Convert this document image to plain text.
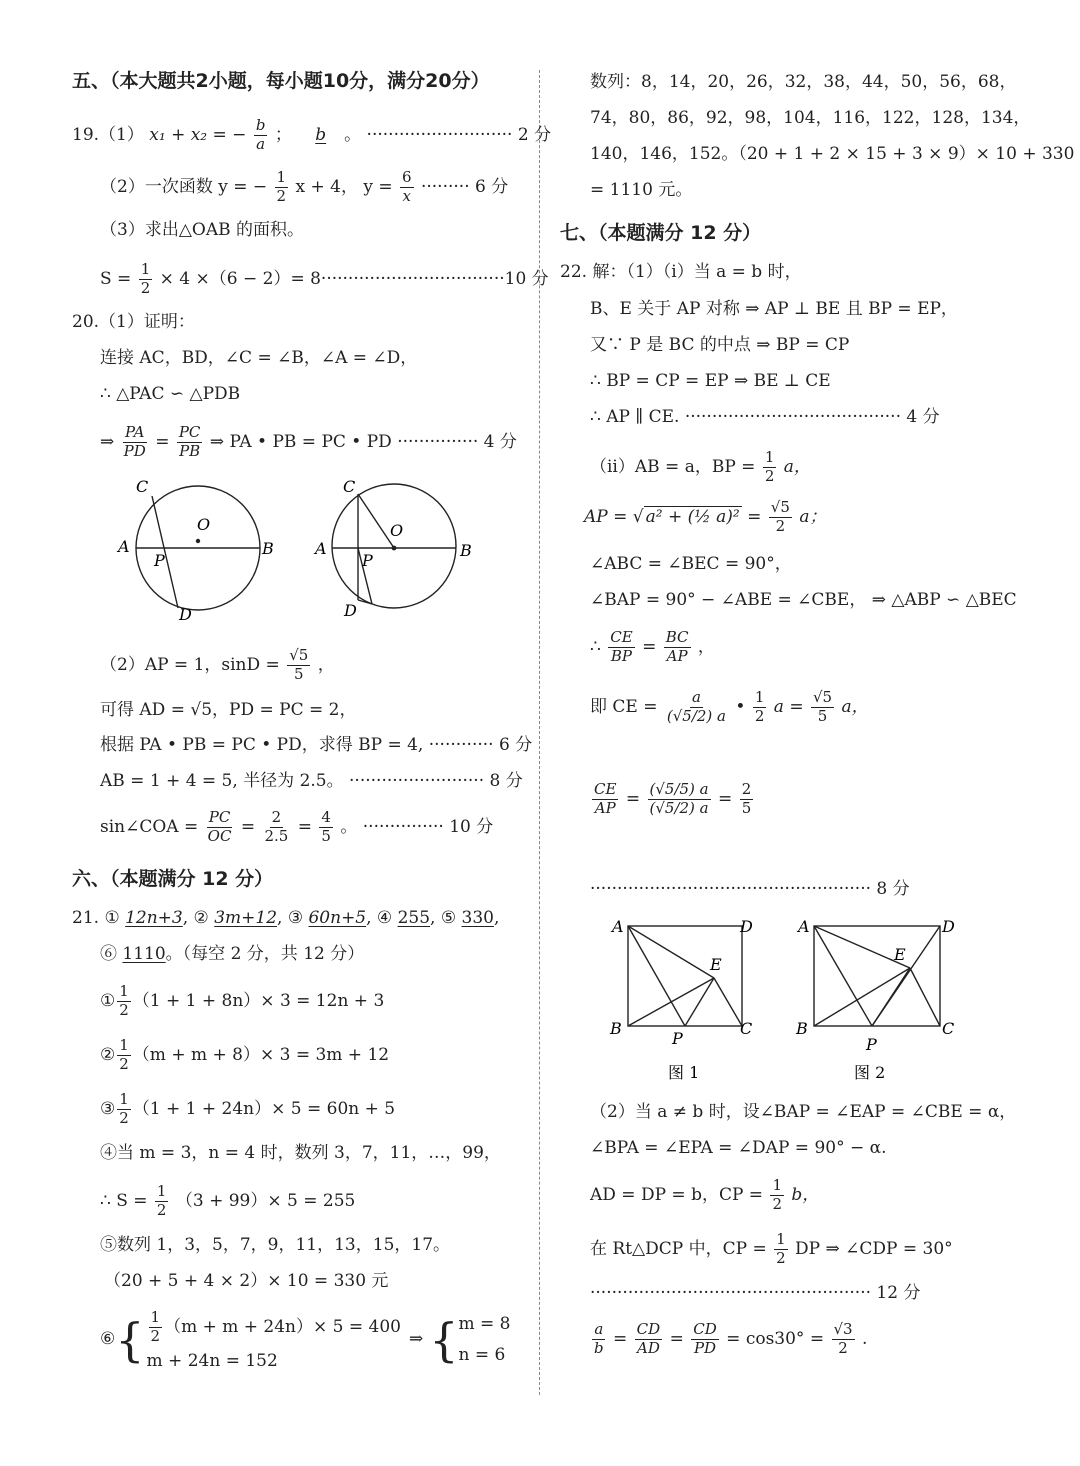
五、（本大题共2小题，每小题10分，满分20分）
19.（1） x₁ + x₂ = − $\frac{b}{a}$ ； b 。 ··························· 2 分
（2）一次函数 y = − $\frac{1}{2}$ x + 4， $y = \frac{6}{x}$ ········· 6 分
（3）求出△OAB 的面积。
$S = \frac{1}{2} \times 4 \times(6 - 2)= 8\cdot\cdot\cdot\cdot\cdot\cdot\cdot\cdot\cdot\cdot\cdot\cdot\cdot\cdot\cdot\cdot\cdot\cdot\cdot\cdot\cdot\cdot\cdot\cdot\cdot\cdot\cdot\cdot\cdot\cdot\cdot\cdot\cdot\cdot 10$ 分
20.（1）证明：
连接 AC，BD，∠C = ∠B，∠A = ∠D，
∴ △PAC ∽ △PDB
⇒ $\frac{PA}{PD} = \frac{PC}{PB}$ ⇒ PA • PB = PC • PD ··············· 4 分
C
O
A
P
B
D
C
O
A
P
B
D
（2）AP = 1，$\sin D = \frac{√5}{5}$ ，
可得 AD = √5，PD = PC = 2，
根据 PA • PB = PC • PD，求得 BP = 4, ············ 6 分
AB = 1 + 4 = 5, 半径为 2.5。 ························· 8 分
sin∠COA = $\frac{PC}{OC} = \frac{2}{2.5} = \frac{4}{5}$ 。 ··············· 10 分
六、（本题满分 12 分）
21. ① 12n+3, ② 3m+12, ③ 60n+5, ④ 255, ⑤ 330,
⑥ 1110。（每空 2 分，共 12 分）
① $\frac{1}{2} (1 + 1 + 8n)\times 3 = 12n + 3$
② $\frac{1}{2} (m + m + 8)\times 3 = 3m + 12$
③ $\frac{1}{2} (1 + 1 + 24n)\times 5 = 60n + 5$
④当 m = 3，n = 4 时，数列 3，7，11，…，99，
∴ $S = \frac{1}{2} (3 + 99)\times 5 = 255$
⑤数列 1，3，5，7，9，11，13，15，17。
（20 + 5 + 4 × 2）× 10 = 330 元
⑥ { $\frac{1}{2} (m + m + 24n)\times 5 = 400$
m + 24n = 152
⇒ { m = 8
n = 6
数列：8，14，20，26，32，38，44，50，56，68，
74，80，86，92，98，104，116，122，128，134，
140，146，152。（20 + 1 + 2 × 15 + 3 × 9）× 10 + 330
= 1110 元。
七、（本题满分 12 分）
22. 解：（1）（i）当 a = b 时，
B、E 关于 AP 对称 ⇒ AP ⊥ BE 且 BP = EP，
又∵ P 是 BC 的中点 ⇒ BP = CP
∴ BP = CP = EP ⇒ BE ⊥ CE
∴ AP ∥ CE. ········································ 4 分
（ii）AB = a，BP = $\frac{1}{2}$ a，
AP = √ a² + (½ $a)^2 = \frac{√5}{2}$ a；
∠ABC = ∠BEC = 90°，
∠BAP = 90° − ∠ABE = ∠CBE， ⇒ △ABP ∽ △BEC
∴ $\frac{CE}{BP} = \frac{BC}{AP}$ ，
即 CE = $\frac{a}{(√5/2) a}$ • $\frac{1}{2}$ $a = \frac{√5}{5}$ a，
$\frac{CE}{AP} = \frac{(√5/5) a}{(√5/2) a} = \frac{2}{5}$
···················································· 8 分
A	D
E
B
P
C
图 1
A	D
E
B
P
C
图 2
（2）当 a ≠ b 时，设∠BAP = ∠EAP = ∠CBE = α，
∠BPA = ∠EPA = ∠DAP = 90° − α.
AD = DP = b，CP = $\frac{1}{2}$ b，
在 Rt△DCP 中，CP = $\frac{1}{2}$ DP ⇒ ∠CDP = 30°
···················································· 12 分
$\frac{a}{b} = \frac{CD}{AD} = \frac{CD}{PD} = \cos 30^\circ = \frac{√3}{2}$ .
